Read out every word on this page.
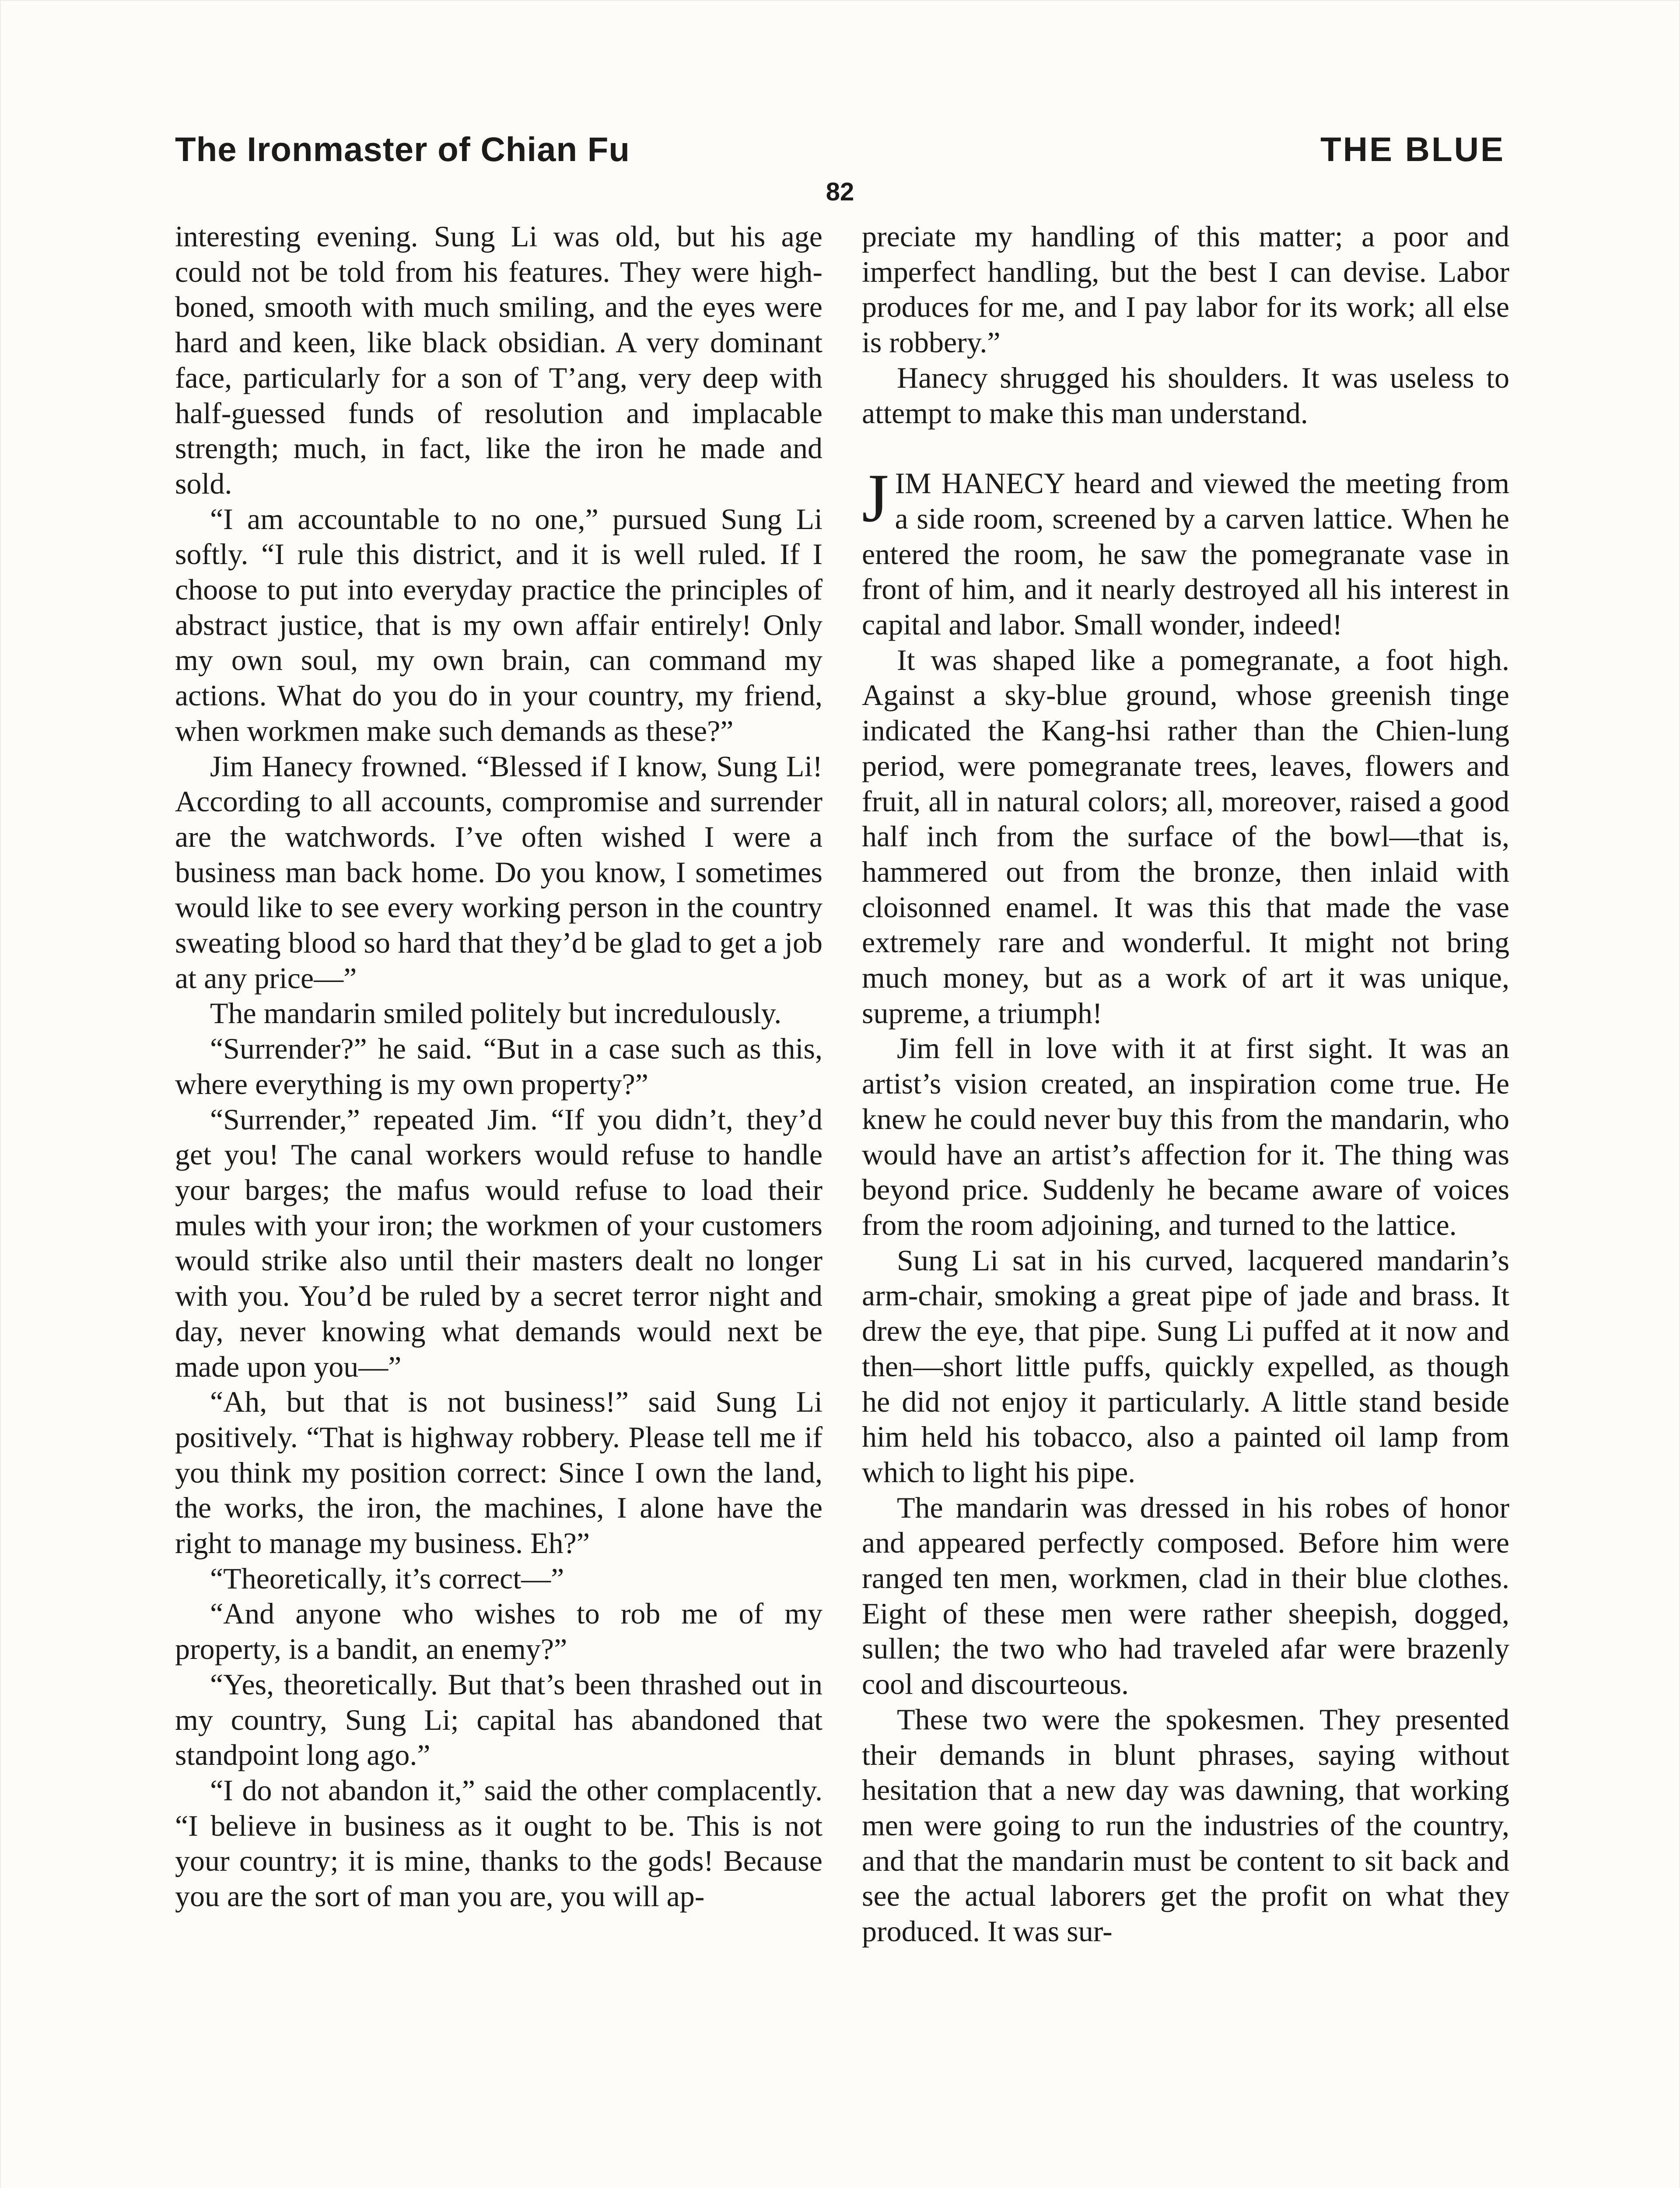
The Ironmaster of Chian Fu	THE BLUE
82

interesting evening. Sung Li was old, but his age could not be told from his features. They were high-boned, smooth with much smiling, and the eyes were hard and keen, like black obsidian. A very dominant face, particularly for a son of T’ang, very deep with half-guessed funds of resolution and implacable strength; much, in fact, like the iron he made and sold.

“I am accountable to no one,” pursued Sung Li softly. “I rule this district, and it is well ruled. If I choose to put into everyday practice the principles of abstract justice, that is my own affair entirely! Only my own soul, my own brain, can command my actions. What do you do in your country, my friend, when workmen make such demands as these?”

Jim Hanecy frowned. “Blessed if I know, Sung Li! According to all accounts, compromise and surrender are the watchwords. I’ve often wished I were a business man back home. Do you know, I sometimes would like to see every working person in the country sweating blood so hard that they’d be glad to get a job at any price—”

The mandarin smiled politely but incredulously.

“Surrender?” he said. “But in a case such as this, where everything is my own property?”

“Surrender,” repeated Jim. “If you didn’t, they’d get you! The canal workers would refuse to handle your barges; the mafus would refuse to load their mules with your iron; the workmen of your customers would strike also until their masters dealt no longer with you. You’d be ruled by a secret terror night and day, never knowing what demands would next be made upon you—”

“Ah, but that is not business!” said Sung Li positively. “That is highway robbery. Please tell me if you think my position correct: Since I own the land, the works, the iron, the machines, I alone have the right to manage my business. Eh?”

“Theoretically, it’s correct—”

“And anyone who wishes to rob me of my property, is a bandit, an enemy?”

“Yes, theoretically. But that’s been thrashed out in my country, Sung Li; capital has abandoned that standpoint long ago.”

“I do not abandon it,” said the other complacently. “I believe in business as it ought to be. This is not your country; it is mine, thanks to the gods! Because you are the sort of man you are, you will ap-

preciate my handling of this matter; a poor and imperfect handling, but the best I can devise. Labor produces for me, and I pay labor for its work; all else is robbery.”

Hanecy shrugged his shoulders. It was useless to attempt to make this man understand.

JIM HANECY heard and viewed the meeting from a side room, screened by a carven lattice. When he entered the room, he saw the pomegranate vase in front of him, and it nearly destroyed all his interest in capital and labor. Small wonder, indeed!

It was shaped like a pomegranate, a foot high. Against a sky-blue ground, whose greenish tinge indicated the Kang-hsi rather than the Chien-lung period, were pomegranate trees, leaves, flowers and fruit, all in natural colors; all, moreover, raised a good half inch from the surface of the bowl—that is, hammered out from the bronze, then inlaid with cloisonned enamel. It was this that made the vase extremely rare and wonderful. It might not bring much money, but as a work of art it was unique, supreme, a triumph!

Jim fell in love with it at first sight. It was an artist’s vision created, an inspiration come true. He knew he could never buy this from the mandarin, who would have an artist’s affection for it. The thing was beyond price. Suddenly he became aware of voices from the room adjoining, and turned to the lattice.

Sung Li sat in his curved, lacquered mandarin’s arm-chair, smoking a great pipe of jade and brass. It drew the eye, that pipe. Sung Li puffed at it now and then—short little puffs, quickly expelled, as though he did not enjoy it particularly. A little stand beside him held his tobacco, also a painted oil lamp from which to light his pipe.

The mandarin was dressed in his robes of honor and appeared perfectly composed. Before him were ranged ten men, workmen, clad in their blue clothes. Eight of these men were rather sheepish, dogged, sullen; the two who had traveled afar were brazenly cool and discourteous.

These two were the spokesmen. They presented their demands in blunt phrases, saying without hesitation that a new day was dawning, that working men were going to run the industries of the country, and that the mandarin must be content to sit back and see the actual laborers get the profit on what they produced. It was sur-
